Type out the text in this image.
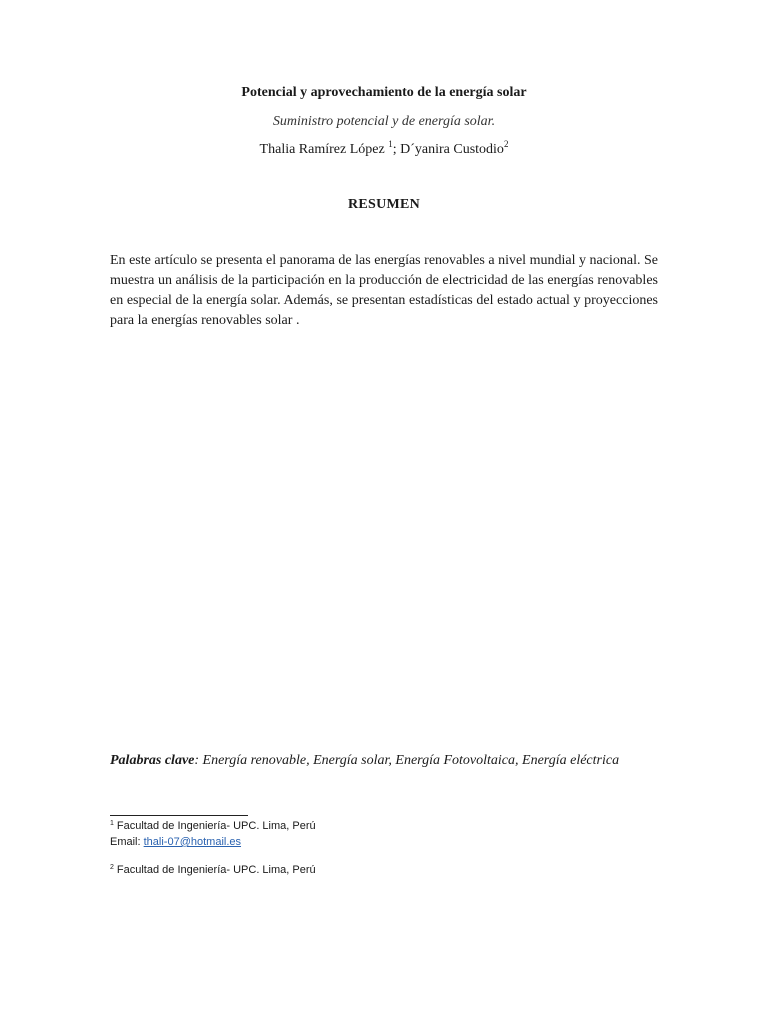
Potencial y aprovechamiento de la energía solar
Suministro potencial y de energía solar.
Thalia Ramírez López $^1$; D´yanira Custodio$^2$
RESUMEN
En este artículo se presenta el panorama de las energías renovables a nivel mundial y nacional. Se muestra un análisis de la participación en la producción de electricidad de las energías renovables en especial de la energía solar. Además, se presentan estadísticas del estado actual y proyecciones para la energías renovables solar .
Palabras clave: Energía renovable, Energía solar, Energía Fotovoltaica, Energía eléctrica
$^1$ Facultad de Ingeniería- UPC. Lima, Perú
Email: thali-07@hotmail.es
$^2$ Facultad de Ingeniería- UPC. Lima, Perú
